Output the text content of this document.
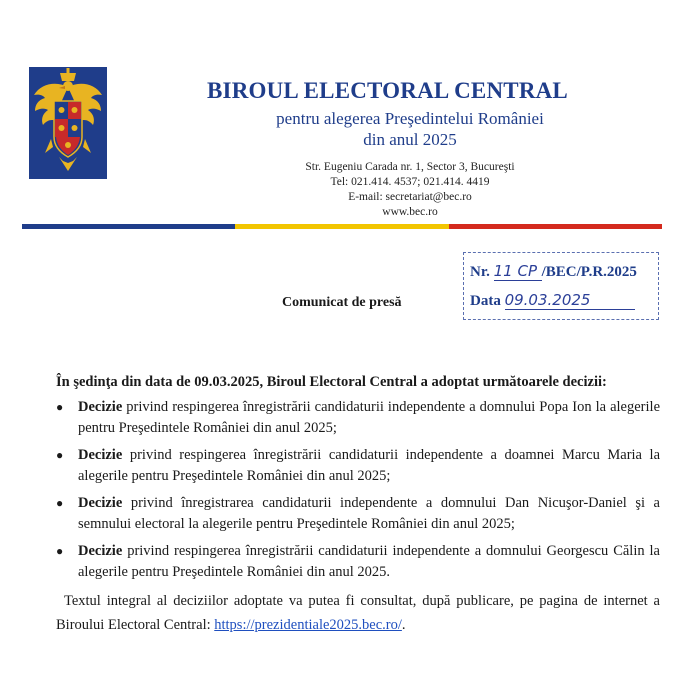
BIROUL ELECTORAL CENTRAL
pentru alegerea Preşedintelui României
din anul 2025
Str. Eugeniu Carada nr. 1, Sector 3, Bucureşti
Tel: 021.414. 4537; 021.414. 4419
E-mail: secretariat@bec.ro
www.bec.ro
Nr. 11 CP /BEC/P.R.2025
Data 09.03.2025
Comunicat de presă

În şedinţa din data de 09.03.2025, Biroul Electoral Central a adoptat următoarele decizii:

● Decizie privind respingerea înregistrării candidaturii independente a domnului Popa Ion la alegerile pentru Preşedintele României din anul 2025;
● Decizie privind respingerea înregistrării candidaturii independente a doamnei Marcu Maria la alegerile pentru Preşedintele României din anul 2025;
● Decizie privind înregistrarea candidaturii independente a domnului Dan Nicuşor-Daniel şi a semnului electoral la alegerile pentru Preşedintele României din anul 2025;
● Decizie privind respingerea înregistrării candidaturii independente a domnului Georgescu Călin la alegerile pentru Preşedintele României din anul 2025.

Textul integral al deciziilor adoptate va putea fi consultat, după publicare, pe pagina de internet a Biroului Electoral Central: https://prezidentiale2025.bec.ro/.
